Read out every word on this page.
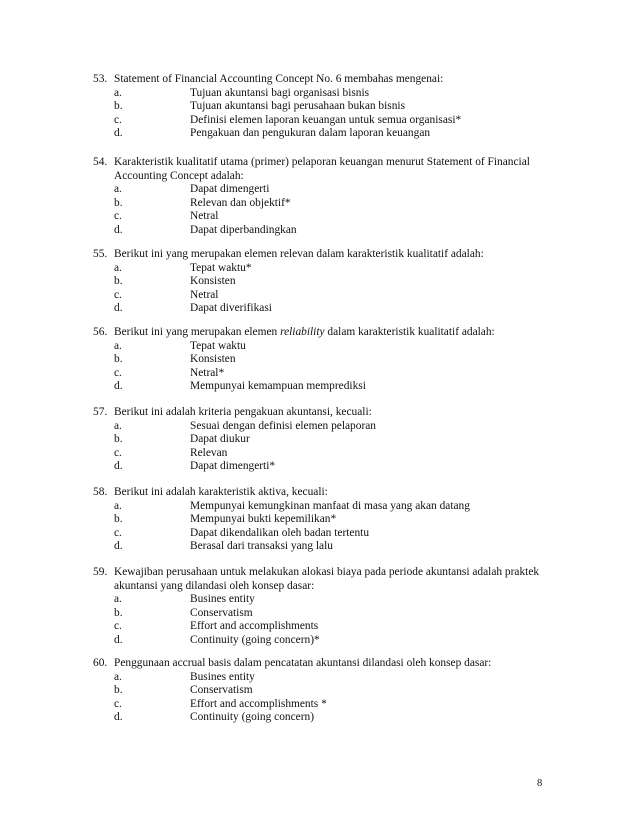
53. Statement of Financial Accounting Concept No. 6 membahas mengenai:
a.	Tujuan akuntansi bagi organisasi bisnis
b.	Tujuan akuntansi bagi perusahaan bukan bisnis
c.	Definisi elemen laporan keuangan untuk semua organisasi*
d.	Pengakuan dan pengukuran dalam laporan keuangan
54. Karakteristik kualitatif utama (primer) pelaporan keuangan menurut Statement of Financial Accounting Concept adalah:
a.	Dapat dimengerti
b.	Relevan dan objektif*
c.	Netral
d.	Dapat diperbandingkan
55. Berikut ini yang merupakan elemen relevan dalam karakteristik kualitatif adalah:
a.	Tepat waktu*
b.	Konsisten
c.	Netral
d.	Dapat diverifikasi
56. Berikut ini yang merupakan elemen reliability dalam karakteristik kualitatif adalah:
a.	Tepat waktu
b.	Konsisten
c.	Netral*
d.	Mempunyai kemampuan memprediksi
57. Berikut ini adalah kriteria pengakuan akuntansi, kecuali:
a.	Sesuai dengan definisi elemen pelaporan
b.	Dapat diukur
c.	Relevan
d.	Dapat dimengerti*
58. Berikut ini adalah karakteristik aktiva, kecuali:
a.	Mempunyai kemungkinan manfaat di masa yang akan datang
b.	Mempunyai bukti kepemilikan*
c.	Dapat dikendalikan oleh badan tertentu
d.	Berasal dari transaksi yang lalu
59. Kewajiban perusahaan untuk melakukan alokasi biaya pada periode akuntansi adalah praktek akuntansi yang dilandasi oleh konsep dasar:
a.	Busines entity
b.	Conservatism
c.	Effort and accomplishments
d.	Continuity (going concern)*
60. Penggunaan accrual basis dalam pencatatan akuntansi dilandasi oleh konsep dasar:
a.	Busines entity
b.	Conservatism
c.	Effort and accomplishments *
d.	Continuity (going concern)
8
